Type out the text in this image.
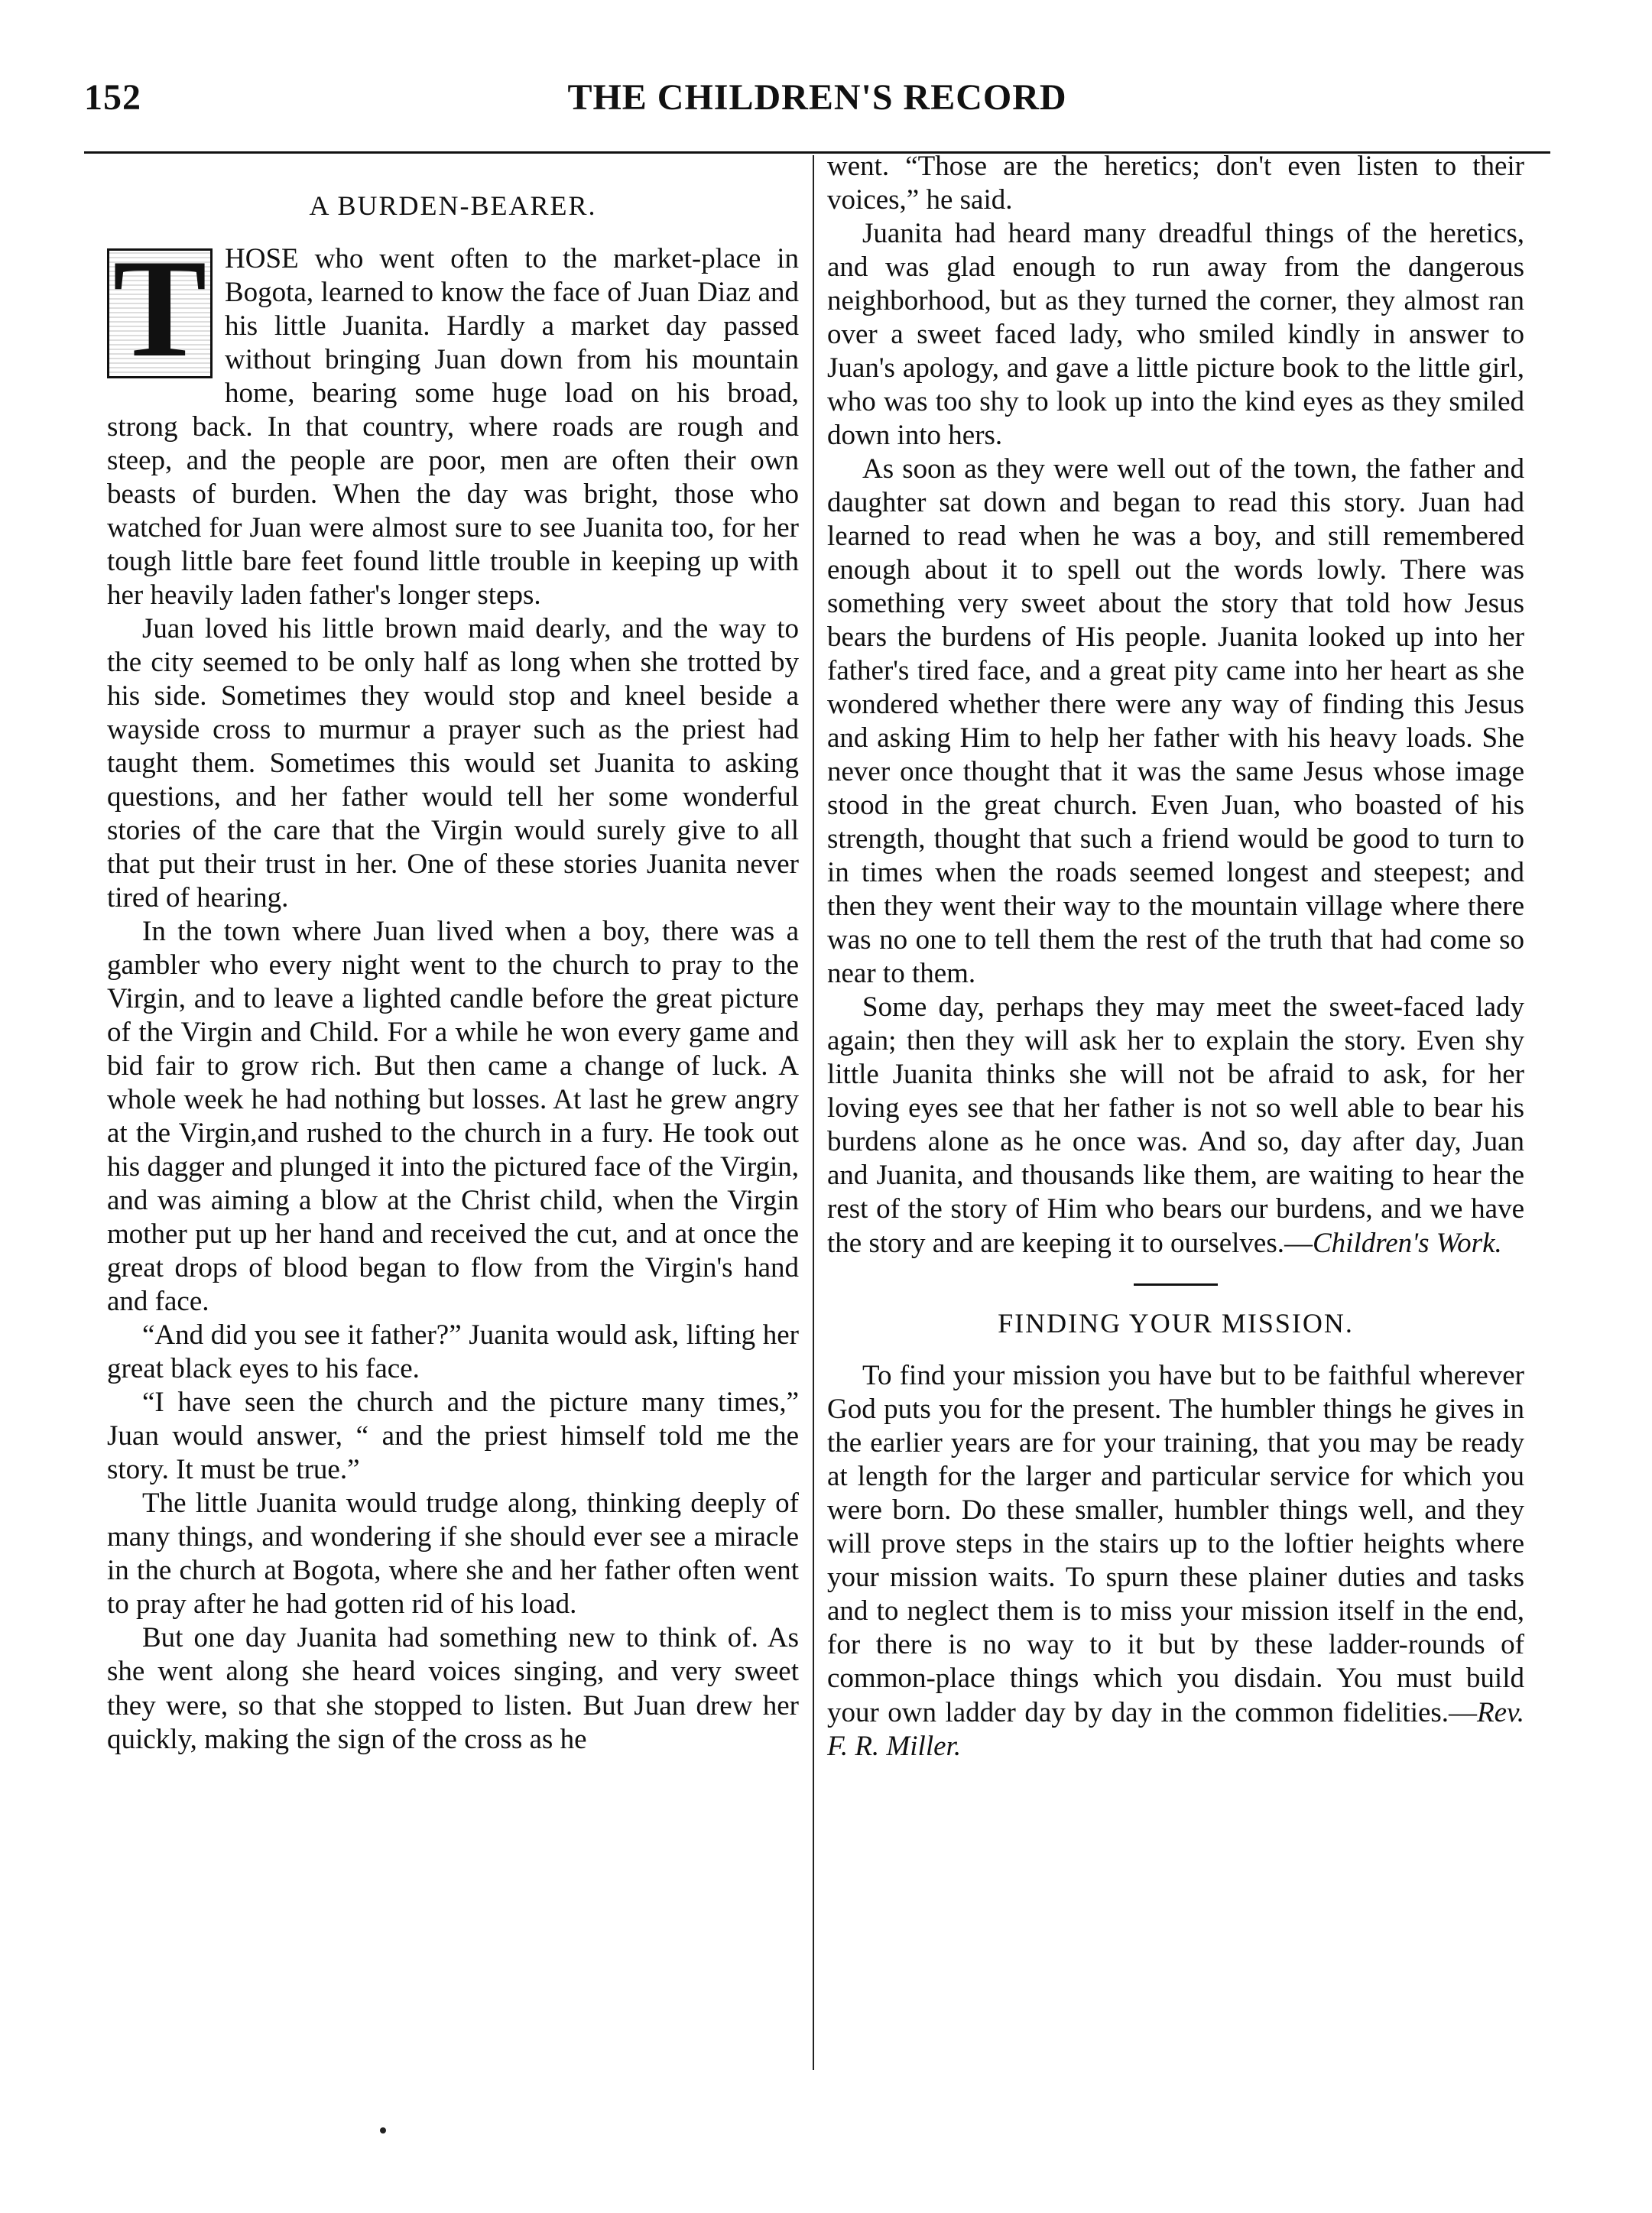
152	THE CHILDREN'S RECORD
A BURDEN-BEARER.

T HOSE who went often to the market-place in Bogota, learned to know the face of Juan Diaz and his little Juanita. Hardly a market day passed without bringing Juan down from his mountain home, bearing some huge load on his broad, strong back. In that country, where roads are rough and steep, and the people are poor, men are often their own beasts of burden. When the day was bright, those who watched for Juan were almost sure to see Juanita too, for her tough little bare feet found little trouble in keeping up with her heavily laden father's longer steps.

Juan loved his little brown maid dearly, and the way to the city seemed to be only half as long when she trotted by his side. Sometimes they would stop and kneel beside a wayside cross to murmur a prayer such as the priest had taught them. Sometimes this would set Juanita to asking questions, and her father would tell her some wonderful stories of the care that the Virgin would surely give to all that put their trust in her. One of these stories Juanita never tired of hearing.

In the town where Juan lived when a boy, there was a gambler who every night went to the church to pray to the Virgin, and to leave a lighted candle before the great picture of the Virgin and Child. For a while he won every game and bid fair to grow rich. But then came a change of luck. A whole week he had nothing but losses. At last he grew angry at the Virgin,and rushed to the church in a fury. He took out his dagger and plunged it into the pictured face of the Virgin, and was aiming a blow at the Christ child, when the Virgin mother put up her hand and received the cut, and at once the great drops of blood began to flow from the Virgin's hand and face.

“And did you see it father?” Juanita would ask, lifting her great black eyes to his face.

“I have seen the church and the picture many times,” Juan would answer, “ and the priest himself told me the story. It must be true.”

The little Juanita would trudge along, thinking deeply of many things, and wondering if she should ever see a miracle in the church at Bogota, where she and her father often went to pray after he had gotten rid of his load.

But one day Juanita had something new to think of. As she went along she heard voices singing, and very sweet they were, so that she stopped to listen. But Juan drew her quickly, making the sign of the cross as he

went. “Those are the heretics; don't even listen to their voices,” he said.

Juanita had heard many dreadful things of the heretics, and was glad enough to run away from the dangerous neighborhood, but as they turned the corner, they almost ran over a sweet faced lady, who smiled kindly in answer to Juan's apology, and gave a little picture book to the little girl, who was too shy to look up into the kind eyes as they smiled down into hers.

As soon as they were well out of the town, the father and daughter sat down and began to read this story. Juan had learned to read when he was a boy, and still remembered enough about it to spell out the words lowly. There was something very sweet about the story that told how Jesus bears the burdens of His people. Juanita looked up into her father's tired face, and a great pity came into her heart as she wondered whether there were any way of finding this Jesus and asking Him to help her father with his heavy loads. She never once thought that it was the same Jesus whose image stood in the great church. Even Juan, who boasted of his strength, thought that such a friend would be good to turn to in times when the roads seemed longest and steepest; and then they went their way to the mountain village where there was no one to tell them the rest of the truth that had come so near to them.

Some day, perhaps they may meet the sweet-faced lady again; then they will ask her to explain the story. Even shy little Juanita thinks she will not be afraid to ask, for her loving eyes see that her father is not so well able to bear his burdens alone as he once was. And so, day after day, Juan and Juanita, and thousands like them, are waiting to hear the rest of the story of Him who bears our burdens, and we have the story and are keeping it to ourselves.—Children's Work.

FINDING YOUR MISSION.

To find your mission you have but to be faithful wherever God puts you for the present. The humbler things he gives in the earlier years are for your training, that you may be ready at length for the larger and particular service for which you were born. Do these smaller, humbler things well, and they will prove steps in the stairs up to the loftier heights where your mission waits. To spurn these plainer duties and tasks and to neglect them is to miss your mission itself in the end, for there is no way to it but by these ladder-rounds of common-place things which you disdain. You must build your own ladder day by day in the common fidelities.—Rev. F. R. Miller.
